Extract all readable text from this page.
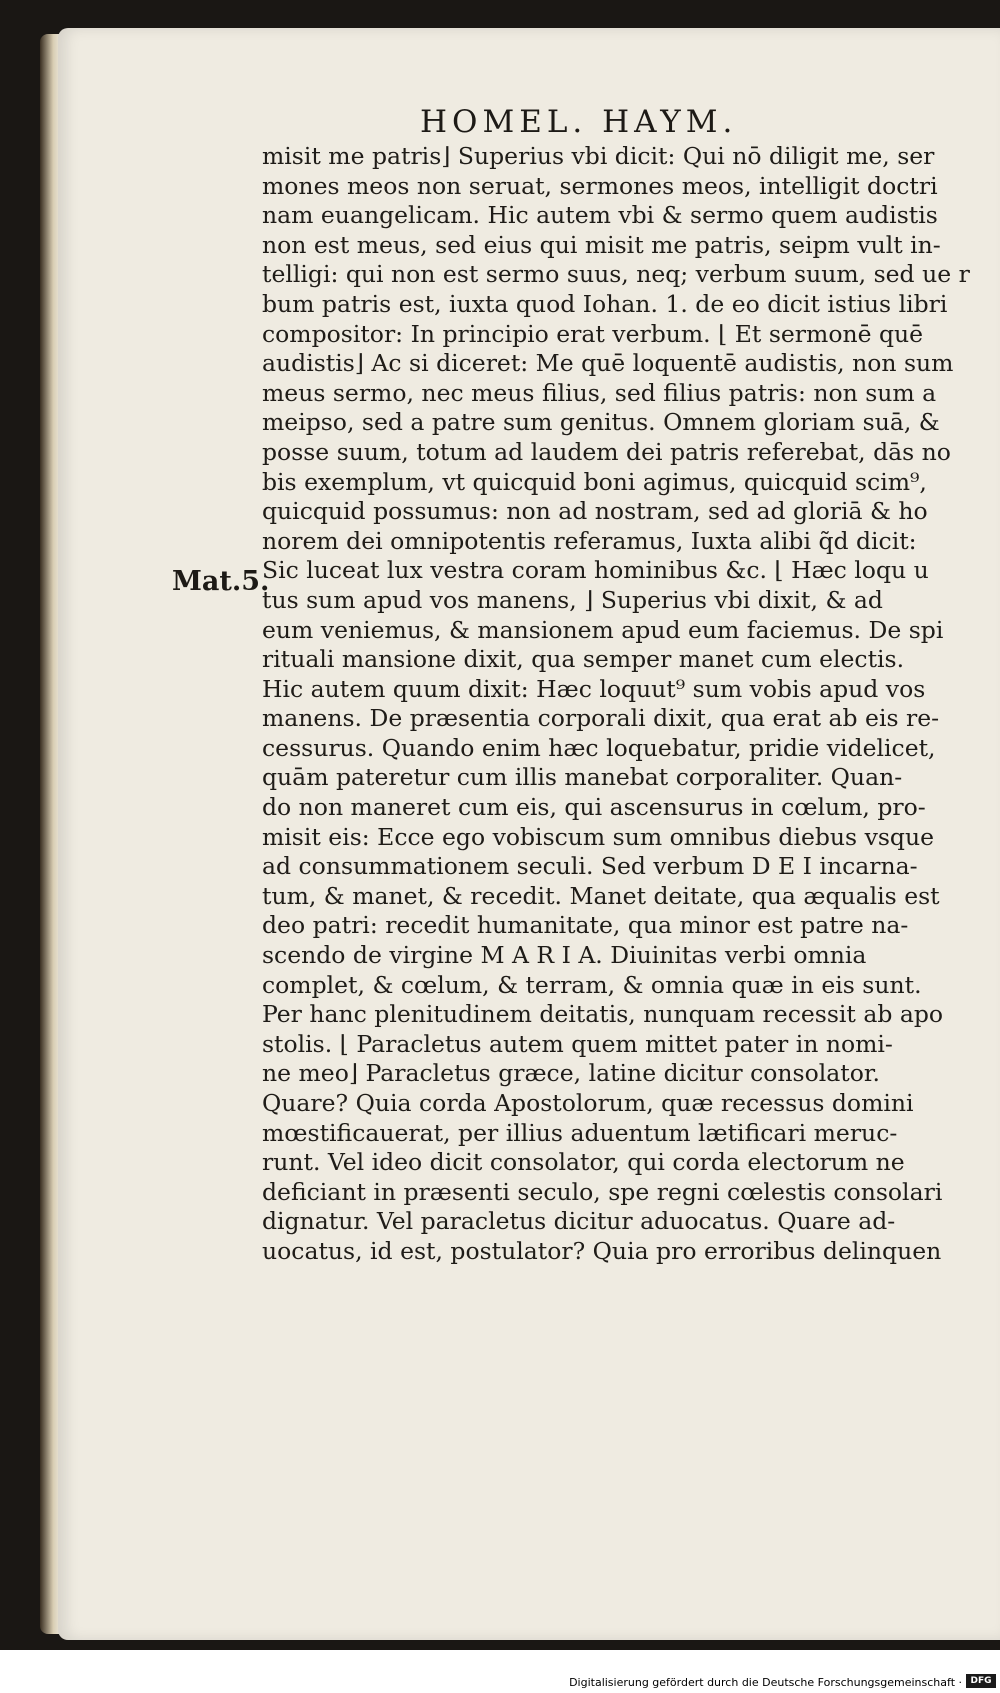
HOMEL. HAYM.
Mat.5.
misit me patris⌋ Superius vbi dicit: Qui nō diligit me, ser
mones meos non seruat, sermones meos, intelligit doctri
nam euangelicam. Hic autem vbi & sermo quem audistis
non est meus, sed eius qui misit me patris, seipm vult in-
telligi: qui non est sermo suus, neq; verbum suum, sed ue r
bum patris est, iuxta quod Iohan. 1. de eo dicit istius libri
compositor: In principio erat verbum. ⌊ Et sermonē quē
audistis⌋ Ac si diceret: Me quē loquentē audistis, non sum
meus sermo, nec meus filius, sed filius patris: non sum a
meipso, sed a patre sum genitus. Omnem gloriam suā, &
posse suum, totum ad laudem dei patris referebat, dās no
bis exemplum, vt quicquid boni agimus, quicquid scim⁹,
quicquid possumus: non ad nostram, sed ad gloriā & ho
norem dei omnipotentis referamus, Iuxta alibi q̃d dicit:
Sic luceat lux vestra coram hominibus &c. ⌊ Hæc loqu u
tus sum apud vos manens, ⌋ Superius vbi dixit, & ad
eum veniemus, & mansionem apud eum faciemus. De spi
rituali mansione dixit, qua semper manet cum electis.
Hic autem quum dixit: Hæc loquut⁹ sum vobis apud vos
manens. De præsentia corporali dixit, qua erat ab eis re-
cessurus. Quando enim hæc loquebatur, pridie videlicet,
quām pateretur cum illis manebat corporaliter. Quan-
do non maneret cum eis, qui ascensurus in cœlum, pro-
misit eis: Ecce ego vobiscum sum omnibus diebus vsque
ad consummationem seculi. Sed verbum D E I incarna-
tum, & manet, & recedit. Manet deitate, qua æqualis est
deo patri: recedit humanitate, qua minor est patre na-
scendo de virgine M A R I A. Diuinitas verbi omnia
complet, & cœlum, & terram, & omnia quæ in eis sunt.
Per hanc plenitudinem deitatis, nunquam recessit ab apo
stolis. ⌊ Paracletus autem quem mittet pater in nomi-
ne meo⌋ Paracletus græce, latine dicitur consolator.
Quare? Quia corda Apostolorum, quæ recessus domini
mœstificauerat, per illius aduentum lætificari meruc-
runt. Vel ideo dicit consolator, qui corda electorum ne
deficiant in præsenti seculo, spe regni cœlestis consolari
dignatur. Vel paracletus dicitur aduocatus. Quare ad-
uocatus, id est, postulator? Quia pro erroribus delinquen
Digitalisierung gefördert durch die Deutsche Forschungsgemeinschaft · DFG
